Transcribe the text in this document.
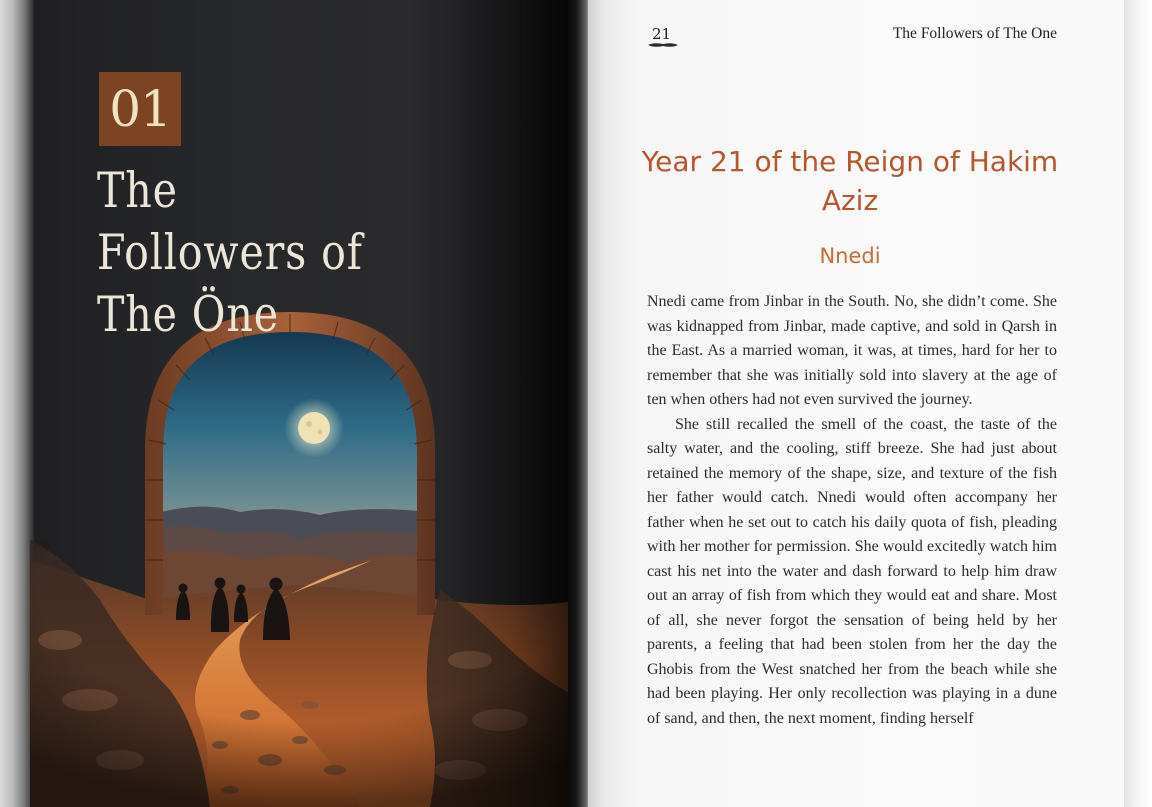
01
The Followers of The Öne
21	The Followers of The One
Year 21 of the Reign of Hakim Aziz
Nnedi

Nnedi came from Jinbar in the South. No, she didn’t come. She was kidnapped from Jinbar, made captive, and sold in Qarsh in the East. As a married woman, it was, at times, hard for her to remember that she was initially sold into slavery at the age of ten when others had not even survived the journey.

She still recalled the smell of the coast, the taste of the salty water, and the cooling, stiff breeze. She had just about retained the memory of the shape, size, and texture of the fish her father would catch. Nnedi would often accompany her father when he set out to catch his daily quota of fish, pleading with her mother for permission. She would excitedly watch him cast his net into the water and dash forward to help him draw out an array of fish from which they would eat and share. Most of all, she never forgot the sensation of being held by her parents, a feeling that had been stolen from her the day the Ghobis from the West snatched her from the beach while she had been playing. Her only recollection was playing in a dune of sand, and then, the next moment, finding herself
